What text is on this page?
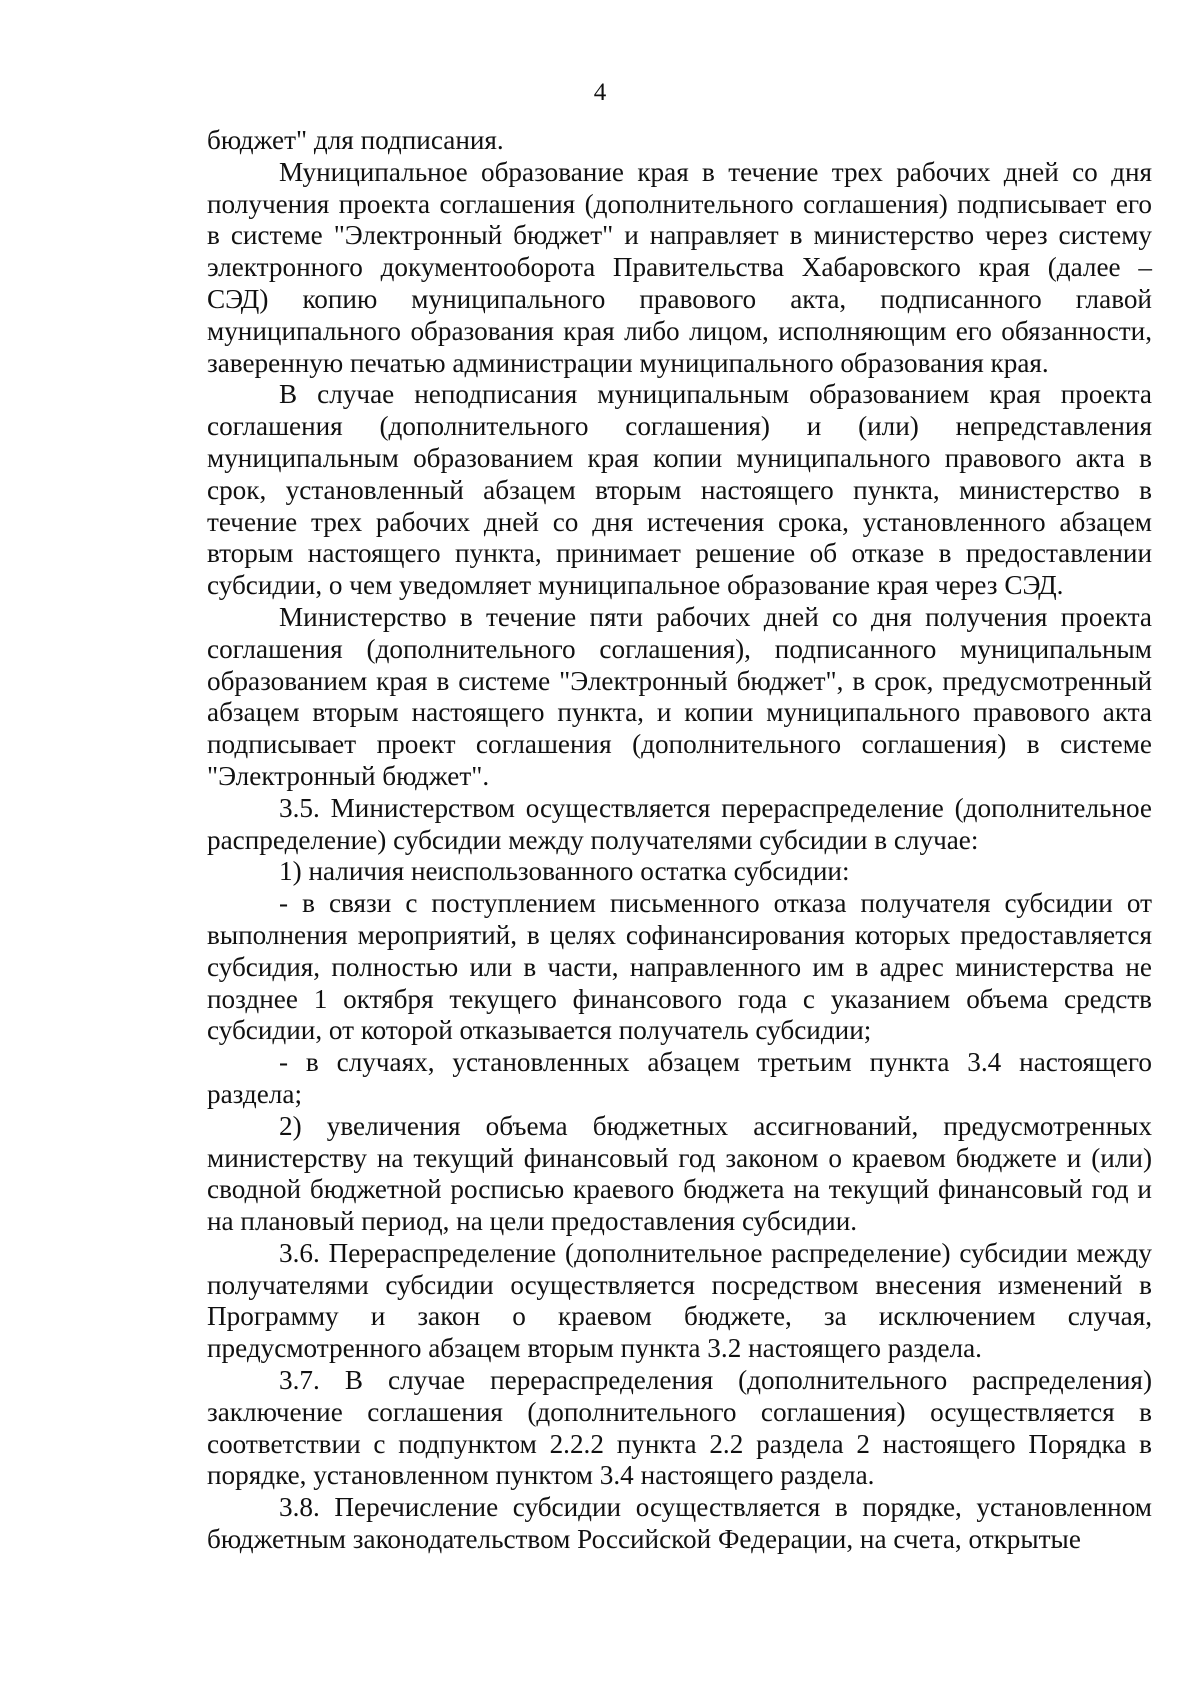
4

бюджет" для подписания.

Муниципальное образование края в течение трех рабочих дней со дня получения проекта соглашения (дополнительного соглашения) подписывает его в системе "Электронный бюджет" и направляет в министерство через систему электронного документооборота Правительства Хабаровского края (далее – СЭД) копию муниципального правового акта, подписанного главой муниципального образования края либо лицом, исполняющим его обязанности, заверенную печатью администрации муниципального образования края.

В случае неподписания муниципальным образованием края проекта соглашения (дополнительного соглашения) и (или) непредставления муниципальным образованием края копии муниципального правового акта в срок, установленный абзацем вторым настоящего пункта, министерство в течение трех рабочих дней со дня истечения срока, установленного абзацем вторым настоящего пункта, принимает решение об отказе в предоставлении субсидии, о чем уведомляет муниципальное образование края через СЭД.

Министерство в течение пяти рабочих дней со дня получения проекта соглашения (дополнительного соглашения), подписанного муниципальным образованием края в системе "Электронный бюджет", в срок, предусмотренный абзацем вторым настоящего пункта, и копии муниципального правового акта подписывает проект соглашения (дополнительного соглашения) в системе "Электронный бюджет".

3.5. Министерством осуществляется перераспределение (дополнительное распределение) субсидии между получателями субсидии в случае:

1) наличия неиспользованного остатка субсидии:

- в связи с поступлением письменного отказа получателя субсидии от выполнения мероприятий, в целях софинансирования которых предоставляется субсидия, полностью или в части, направленного им в адрес министерства не позднее 1 октября текущего финансового года с указанием объема средств субсидии, от которой отказывается получатель субсидии;

- в случаях, установленных абзацем третьим пункта 3.4 настоящего раздела;

2) увеличения объема бюджетных ассигнований, предусмотренных министерству на текущий финансовый год законом о краевом бюджете и (или) сводной бюджетной росписью краевого бюджета на текущий финансовый год и на плановый период, на цели предоставления субсидии.

3.6. Перераспределение (дополнительное распределение) субсидии между получателями субсидии осуществляется посредством внесения изменений в Программу и закон о краевом бюджете, за исключением случая, предусмотренного абзацем вторым пункта 3.2 настоящего раздела.

3.7. В случае перераспределения (дополнительного распределения) заключение соглашения (дополнительного соглашения) осуществляется в соответствии с подпунктом 2.2.2 пункта 2.2 раздела 2 настоящего Порядка в порядке, установленном пунктом 3.4 настоящего раздела.

3.8. Перечисление субсидии осуществляется в порядке, установленном бюджетным законодательством Российской Федерации, на счета, открытые
